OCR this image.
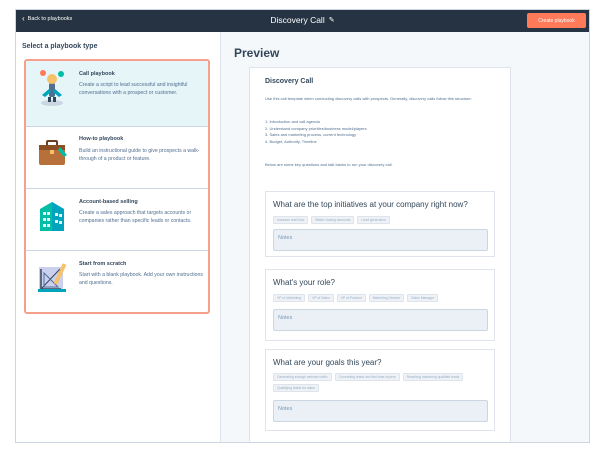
‹ Back to playbooks	Discovery Call ✎	Create playbook
Select a playbook type
Call playbook
Create a script to lead successful and insightful conversations with a prospect or customer.
How-to playbook
Build an instructional guide to give prospects a walk-through of a product or feature.
Account-based selling
Create a sales approach that targets accounts or companies rather than specific leads or contacts.
Start from scratch
Start with a blank playbook. Add your own instructions and questions.
Preview
Discovery Call
Use this call template when conducting discovery calls with prospects. Generally, discovery calls follow this structure:
1. Introduction and call agenda
2. Understand company priorities/business model/players
3. Sales and marketing process, current technology
4. Budget, Authority, Timeline
Below are some key questions and talk tracks to run your discovery call.
What are the top initiatives at your company right now?
Increase lead flow	Better closing accounts	Lead generation
Notes
What's your role?
VP of Marketing	VP of Sales	VP of Product	Marketing Director	Sales Manager
Notes
What are your goals this year?
Generating enough website traffic	Converting leads into first-time buyers	Reaching marketing qualified leads
Qualifying leads for sales
Notes
